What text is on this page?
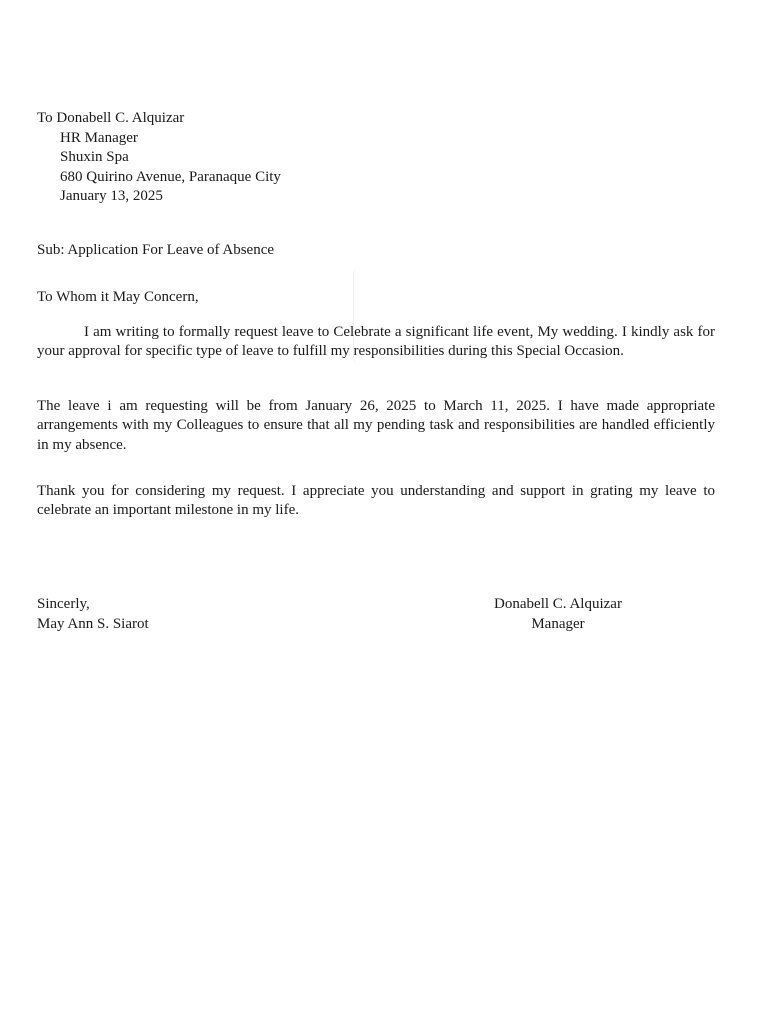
To Donabell C. Alquizar
HR Manager
Shuxin Spa
680 Quirino Avenue, Paranaque City
January 13, 2025
Sub: Application For Leave of Absence
To Whom it May Concern,

I am writing to formally request leave to Celebrate a significant life event, My wedding. I kindly ask for your approval for specific type of leave to fulfill my responsibilities during this Special Occasion.

The leave i am requesting will be from January 26, 2025 to March 11, 2025. I have made appropriate arrangements with my Colleagues to ensure that all my pending task and responsibilities are handled efficiently in my absence.

Thank you for considering my request. I appreciate you understanding and support in grating my leave to celebrate an important milestone in my life.

Sincerly,
May Ann S. Siarot
Donabell C. Alquizar
Manager
